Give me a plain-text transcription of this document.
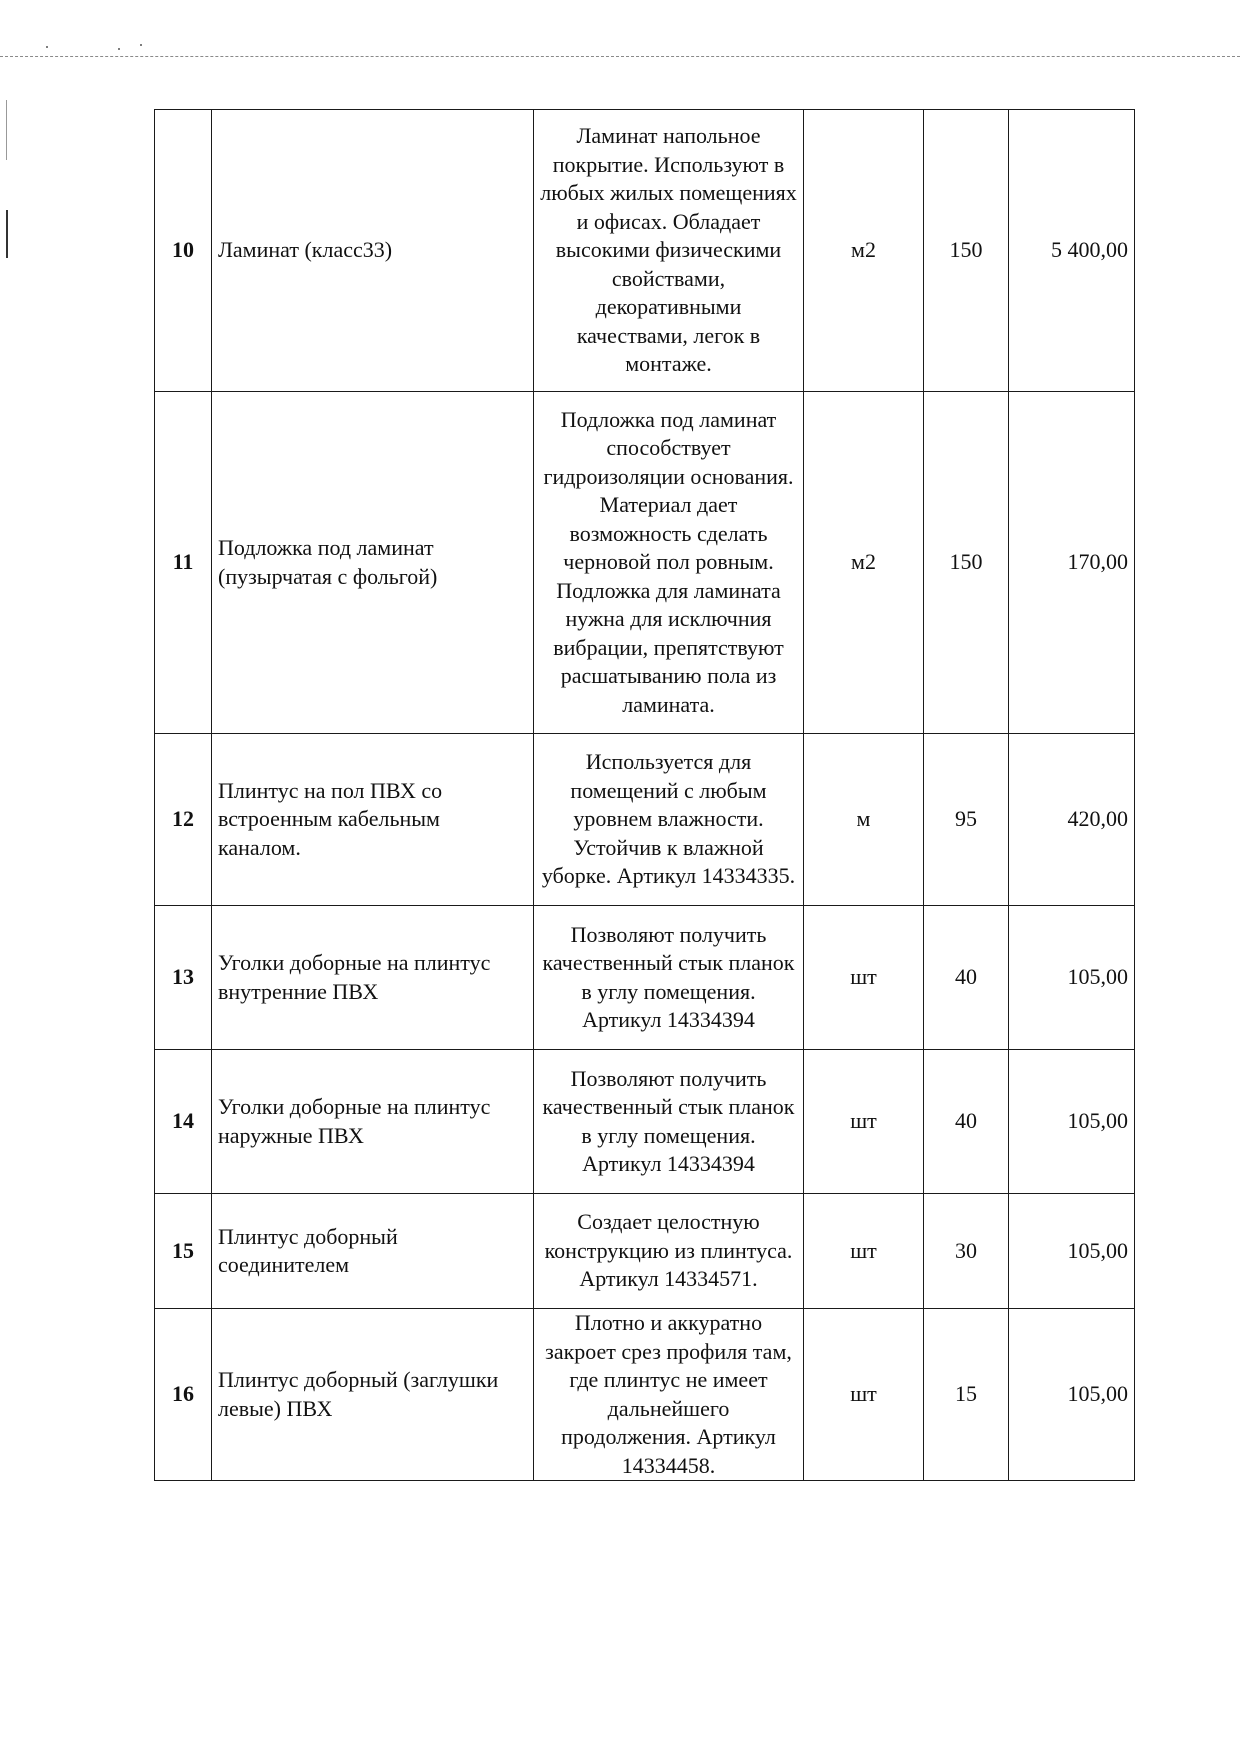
10	Ламинат (класс33)	Ламинат напольное покрытие. Используют в любых жилых помещениях и офисах. Обладает высокими физическими свойствами, декоративными качествами, легок в монтаже.	м2	150	5 400,00
11	Подложка под ламинат (пузырчатая с фольгой)	Подложка под ламинат способствует гидроизоляции основания. Материал дает возможность сделать черновой пол ровным. Подложка для ламината нужна для исключния вибрации, препятствуют расшатыванию пола из ламината.	м2	150	170,00
12	Плинтус на пол ПВХ со встроенным кабельным каналом.	Используется для помещений с любым уровнем влажности. Устойчив к влажной уборке. Артикул 14334335.	м	95	420,00
13	Уголки доборные на плинтус внутренние ПВХ	Позволяют получить качественный стык планок в углу помещения. Артикул 14334394	шт	40	105,00
14	Уголки доборные на плинтус наружные ПВХ	Позволяют получить качественный стык планок в углу помещения. Артикул 14334394	шт	40	105,00
15	Плинтус доборный соединителем	Создает целостную конструкцию из плинтуса. Артикул 14334571.	шт	30	105,00
16	Плинтус доборный (заглушки левые) ПВХ	Плотно и аккуратно закроет срез профиля там, где плинтус не имеет дальнейшего продолжения. Артикул 14334458.	шт	15	105,00
